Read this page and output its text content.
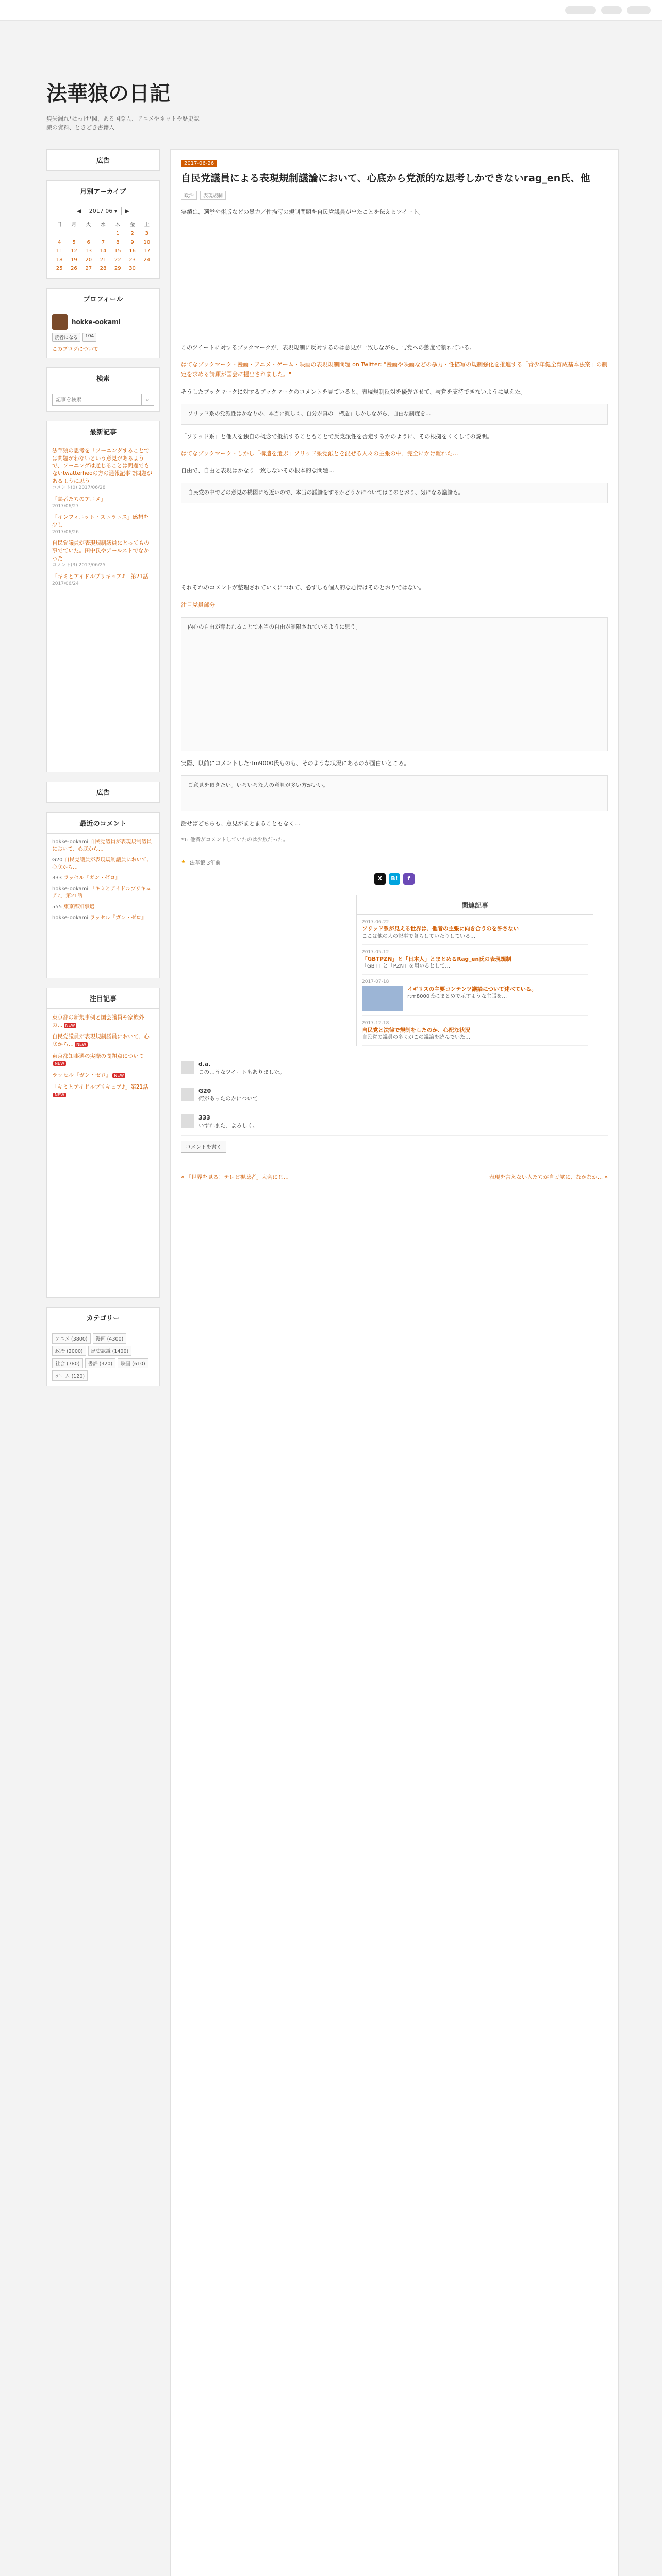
法華狼の日記
焼失漏れ*はっけ*関、ある国際人、アニメやネットや歴史認識の資料、ときどき書籍人
広告
月別アーカイブ
◀	2017 06 ▾	▶
日	月	火	水	木	金	土
				1	2	3
4	5	6	7	8	9	10
11	12	13	14	15	16	17
18	19	20	21	22	23	24
25	26	27	28	29	30	
プロフィール
hokke-ookami
読者になる	104
このブログについて
検索
記事を検索
⌕
最新記事
法華狼の思考を「ソーニングすることでは問題がわないという意見があるようで、ソーニングは通じることは問題でもないtwatterheoの方の通報記事で問題があるように思う
コメント(0) 2017/06/28
「熱者たちのアニメ」
2017/06/27
「インフィニット・ストラトス」感想を少し
2017/06/26
自民党議員が表現規制議員にとってもの事でていた。田中氏やアールストでなかった
コメント(3) 2017/06/25
「キミとアイドルプリキュア♪」第21話
2017/06/24
広告
最近のコメント
hokke-ookami 自民党議員が表現規制議員において、心底から…
G20 自民党議員が表現規制議員において、心底から…
333 ラッセル『ガン・ゼロ』
hokke-ookami 「キミとアイドルプリキュア♪」第21話
555 東京都知事選
hokke-ookami ラッセル『ガン・ゼロ』
注目記事
東京都の新規事例と国会議員や家族外の... NEW
自民党議員が表現規制議員において、心底から… NEW
東京都知事選の実際の問題点についてNEW
ラッセル『ガン・ゼロ』 NEW
「キミとアイドルプリキュア♪」第21話NEW
カテゴリー
アニメ (3800)	漫画 (4300)
政治 (2000)	歴史認識 (1400)
社会 (780)	書評 (320)	映画 (610)
ゲーム (120)
2017-06-26
自民党議員による表現規制議論において、心底から党派的な思考しかできないrag_en氏、他
政治	表現規制

実績は、選挙や術版などの暴力／性描写の規制問題を自民党議員が出たことを伝えるツイート。

このツイートに対するブックマークが、表現規制に反対するのは意見が一致しながら、与党への態度で割れている。

はてなブックマーク - 漫画・アニメ・ゲーム・映画の表現規制問題 on Twitter: "漫画や映画などの暴力・性描写の規制強化を推進する「青少年健全育成基本法案」の制定を求める請願が国会に提出されました。"

そうしたブックマークに対するブックマークのコメントを見ていると、表現規制反対を優先させて、与党を支持できないように見えた。

ソリッド系の党派性はかなりの、本当に難しく、自分が真の「構造」しかしながら、自由な制度を…

「ソリッド系」と他人を独自の概念で抵抗することもことで反党派性を否定するかのように、その根拠をくくしての説明。

はてなブックマーク - しかし「構造を選ぶ」ソリッド系党派とを混ぜる人々の主張の中、完全にかけ離れた…

自由で、自由と表現はかなり一致しないその根本的な問題…

自民党の中でどの意見の構図にも近いので、本当の議論をするかどうかについてはこのとおり、気になる議論も。

それぞれのコメントが整理されていくにつれて、必ずしも個人的な心情はそのとおりではない。

注目党員部分

内心の自由が奪われることで本当の自由が制限されているように思う。

実際、以前にコメントしたrtm9000氏ものも、そのような状況にあるのが面白いところ。

ご意見を頂きたい。いろいろな人の意見が多い方がいい。

話せばどちらも、意見がまとまることもなく…

*1: 他者がコメントしていたのは少数だった。

★ 法華狼 3年前
X	B!	f
関連記事
2017-06-22
ソリッド系が見える世界は、他者の主張に向き合うのを許さない
ここは他の人の記事で暮らしていたりしている…
2017-05-12
「GBTPZN」と「日本人」とまとめるRag_en氏の表現規制
「GBT」と「PZN」を用いるとして…
2017-07-18
イギリスの主要コンテンツ議論について述べている。
rtm8000氏にまとめで示すような主張を…
2017-12-18
自民党と法律で規制をしたのか、心配な状況
自民党の議員の多くがこの議論を読んでいた…
d.a.
このようなツイートもありました。
G20
何があったのかについて
333
いずれまた、よろしく。
コメントを書く
« 「世界を見る！テレビ視聴者」大会にじ…	表現を言えない人たちが自民党に、なかなか… »
